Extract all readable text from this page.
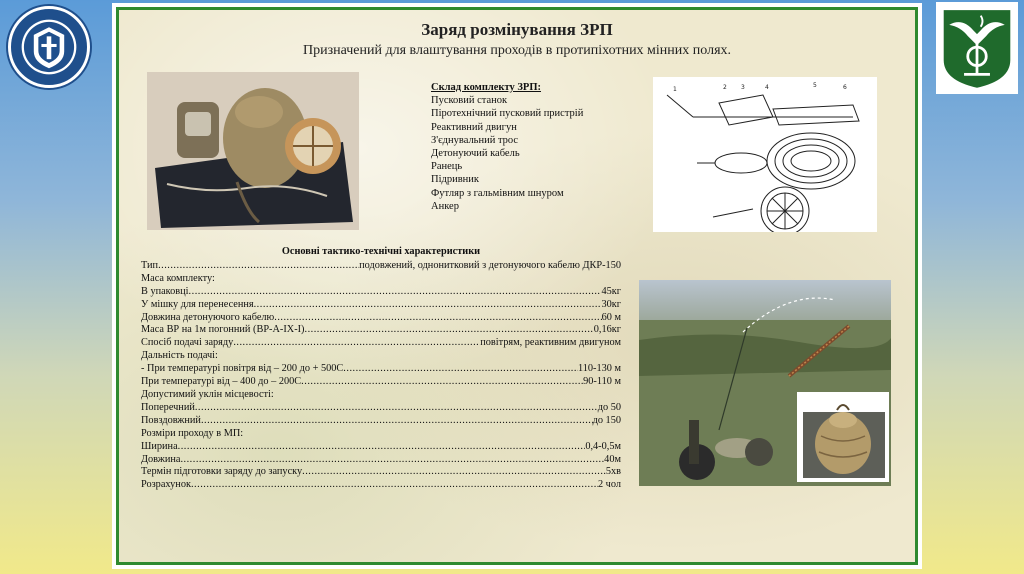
Заряд розмінування ЗРП
Призначений для влаштування проходів в протипіхотних мінних полях.
Склад комплекту ЗРП:
Пусковий станок
Піротехнічний пусковий пристрій
Реактивний двигун
З'єднувальний трос
Детонуючий кабель
Ранець
Підривник
Футляр з гальмівним шнуром
Анкер
2 3	4	5	6
1
Основні тактико-технічні характеристики
Тип .....	подовжений, однонитковий з детонуючого кабелю ДКР-150
Маса комплекту:
В упаковці .....	45кг
У мішку для перенесення .....	30кг
Довжина детонуючого кабелю .....	60 м
Маса ВР на 1м погонний (ВР-А-IX-І) .....	0,16кг
Спосіб подачі заряду .....	повітрям, реактивним двигуном
Дальність подачі:
- При температурі повітря від – 200 до + 500С .....	110-130 м
При температурі від – 400 до – 200С .....	90-110 м
Допустимий уклін місцевості:
Поперечний .....	до 50
Повздовжний .....	до 150
Розміри проходу в МП:
Ширина .....	0,4-0,5м
Довжина .....	40м
Термін підготовки заряду до запуску .....	5хв
Розрахунок .....	2 чол
